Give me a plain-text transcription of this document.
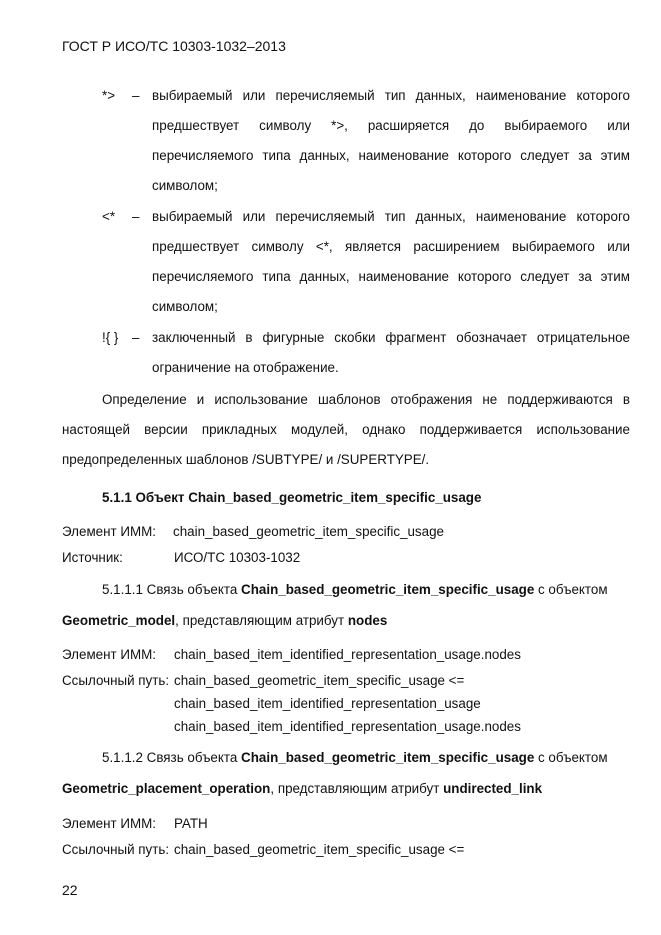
ГОСТ Р ИСО/ТС 10303-1032–2013
*> – выбираемый или перечисляемый тип данных, наименование которого
предшествует символу *>, расширяется до выбираемого или
перечисляемого типа данных, наименование которого следует за этим
символом;
<* – выбираемый или перечисляемый тип данных, наименование которого
предшествует символу <*, является расширением выбираемого или
перечисляемого типа данных, наименование которого следует за этим
символом;
!{ } – заключенный в фигурные скобки фрагмент обозначает отрицательное
ограничение на отображение.
Определение и использование шаблонов отображения не поддерживаются в
настоящей версии прикладных модулей, однако поддерживается использование
предопределенных шаблонов /SUBTYPE/ и /SUPERTYPE/.
5.1.1 Объект Chain_based_geometric_item_specific_usage
Элемент ИММ: chain_based_geometric_item_specific_usage
Источник:	ИСО/ТС 10303-1032
5.1.1.1 Связь объекта Chain_based_geometric_item_specific_usage с объектом
Geometric_model, представляющим атрибут nodes
Элемент ИММ: chain_based_item_identified_representation_usage.nodes
Ссылочный путь: chain_based_geometric_item_specific_usage <=
chain_based_item_identified_representation_usage
chain_based_item_identified_representation_usage.nodes
5.1.1.2 Связь объекта Chain_based_geometric_item_specific_usage с объектом
Geometric_placement_operation, представляющим атрибут undirected_link
Элемент ИММ: PATH
Ссылочный путь: chain_based_geometric_item_specific_usage <=
22
